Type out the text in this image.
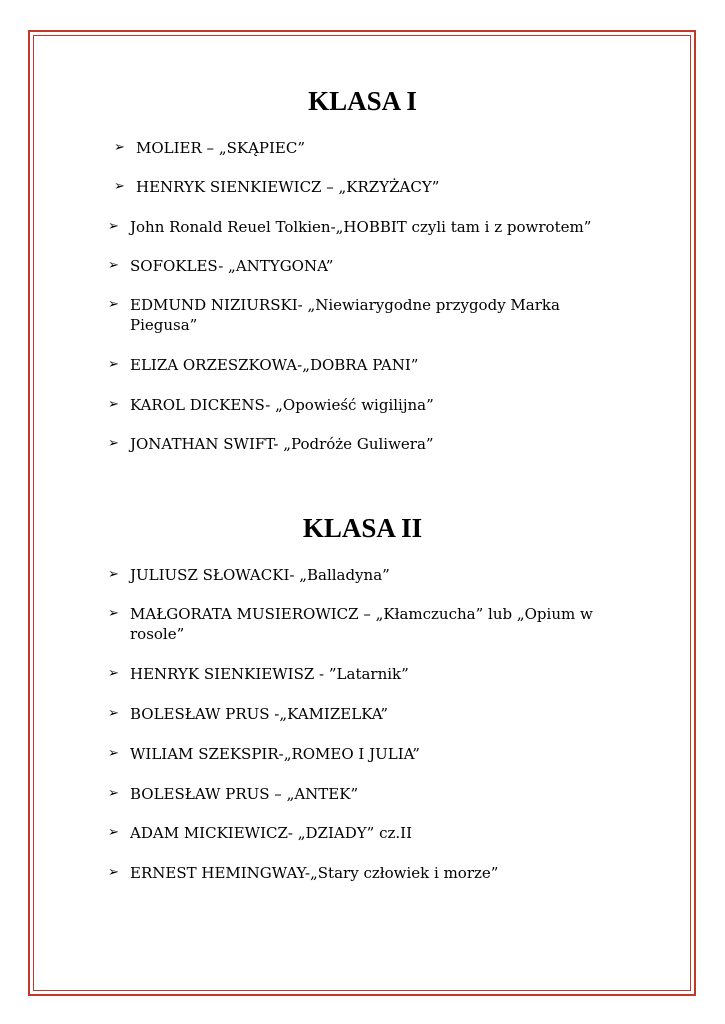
KLASA I
➢ MOLIER – „SKĄPIEC”
➢ HENRYK SIENKIEWICZ – „KRZYŻACY”
➢ John Ronald Reuel Tolkien-„HOBBIT czyli tam i z powrotem”
➢ SOFOKLES- „ANTYGONA”
➢ EDMUND NIZIURSKI- „Niewiarygodne przygody Marka Piegusa”
➢ ELIZA ORZESZKOWA-„DOBRA PANI”
➢ KAROL DICKENS- „Opowieść wigilijna”
➢ JONATHAN SWIFT- „Podróże Guliwera”
KLASA II
➢ JULIUSZ SŁOWACKI- „Balladyna”
➢ MAŁGORATA MUSIEROWICZ – „Kłamczucha” lub „Opium w rosole”
➢ HENRYK SIENKIEWISZ - ”Latarnik”
➢ BOLESŁAW PRUS -„KAMIZELKA”
➢ WILIAM SZEKSPIR-„ROMEO I JULIA”
➢ BOLESŁAW PRUS – „ANTEK”
➢ ADAM MICKIEWICZ- „DZIADY” cz.II
➢ ERNEST HEMINGWAY-„Stary człowiek i morze”
